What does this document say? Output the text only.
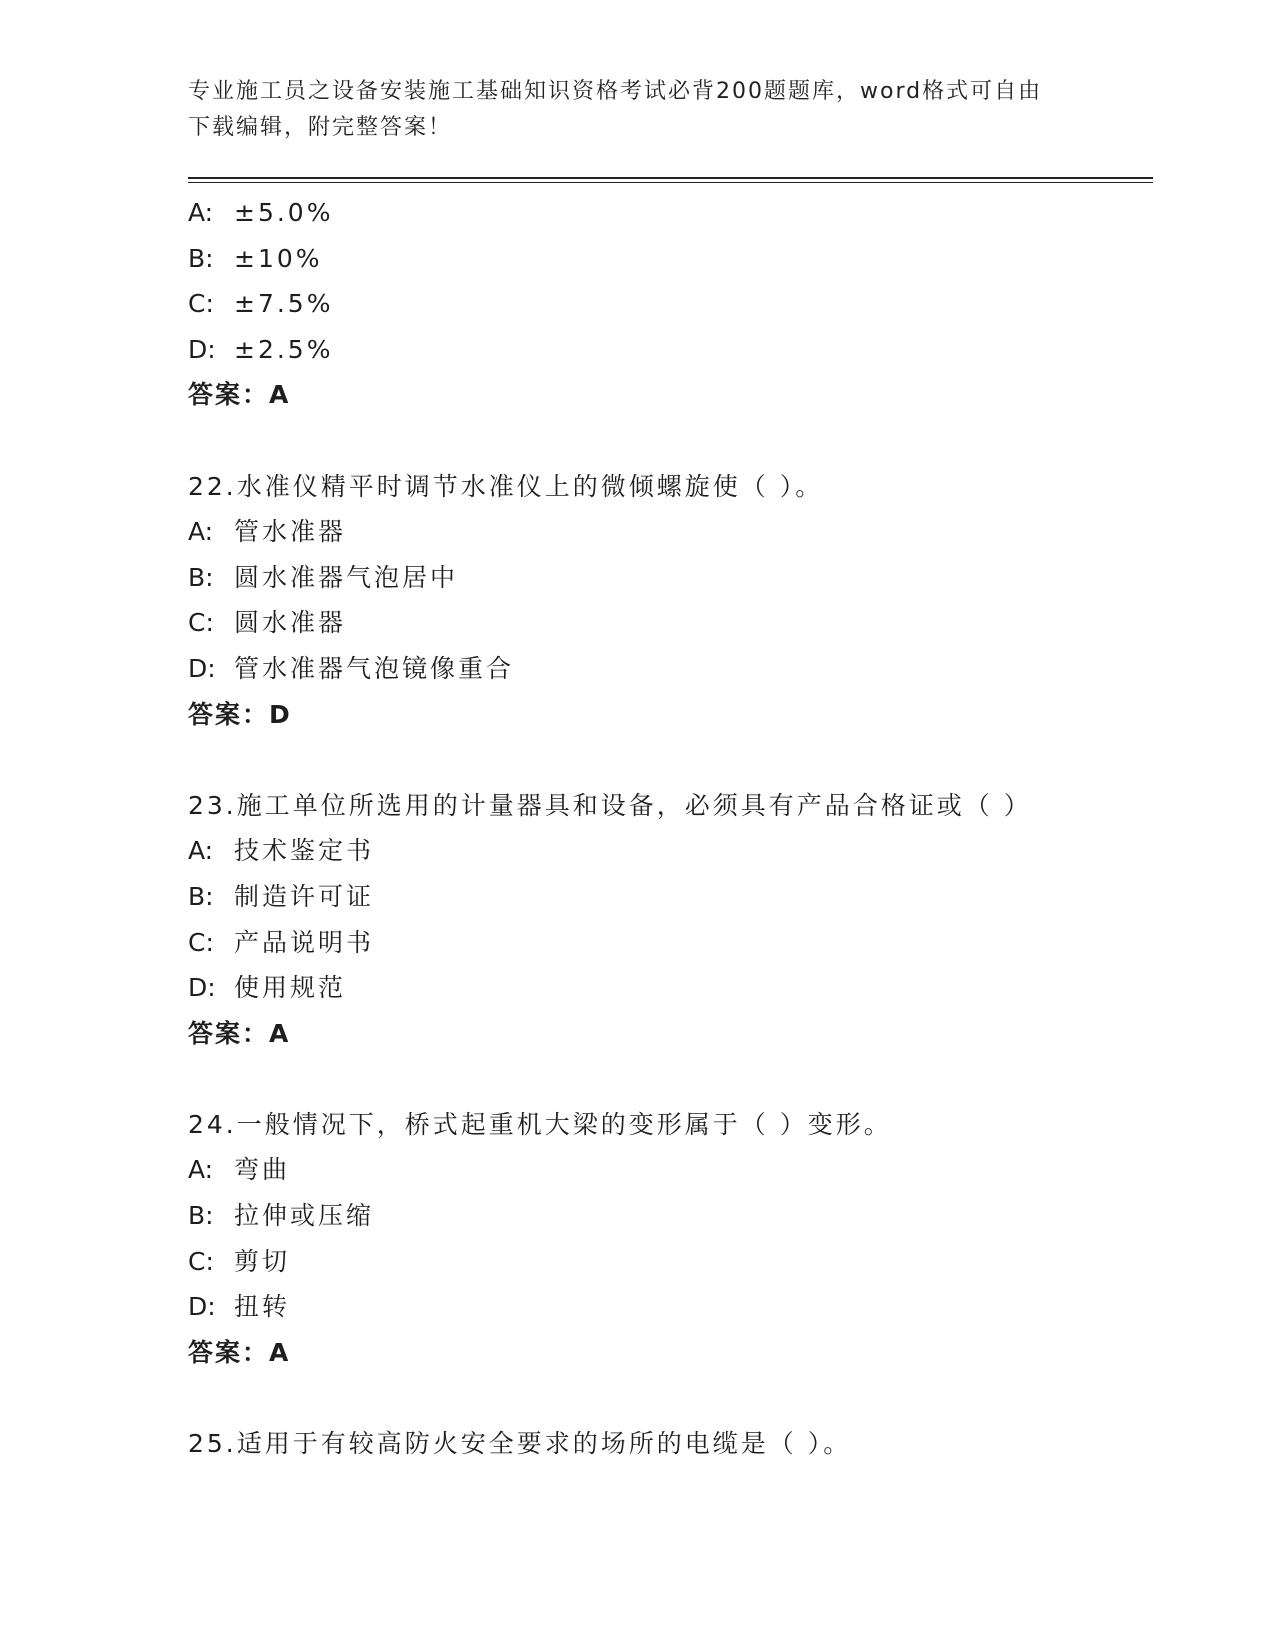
专业施工员之设备安装施工基础知识资格考试必背200题题库，word格式可自由
下载编辑，附完整答案！
A: ±5.0%
B: ±10%
C: ±7.5%
D: ±2.5%
答案：A
22.水准仪精平时调节水准仪上的微倾螺旋使（ ）。
A: 管水准器
B: 圆水准器气泡居中
C: 圆水准器
D: 管水准器气泡镜像重合
答案：D
23.施工单位所选用的计量器具和设备，必须具有产品合格证或（ ）
A: 技术鉴定书
B: 制造许可证
C: 产品说明书
D: 使用规范
答案：A
24.一般情况下，桥式起重机大梁的变形属于（ ）变形。
A: 弯曲
B: 拉伸或压缩
C: 剪切
D: 扭转
答案：A
25.适用于有较高防火安全要求的场所的电缆是（ ）。
